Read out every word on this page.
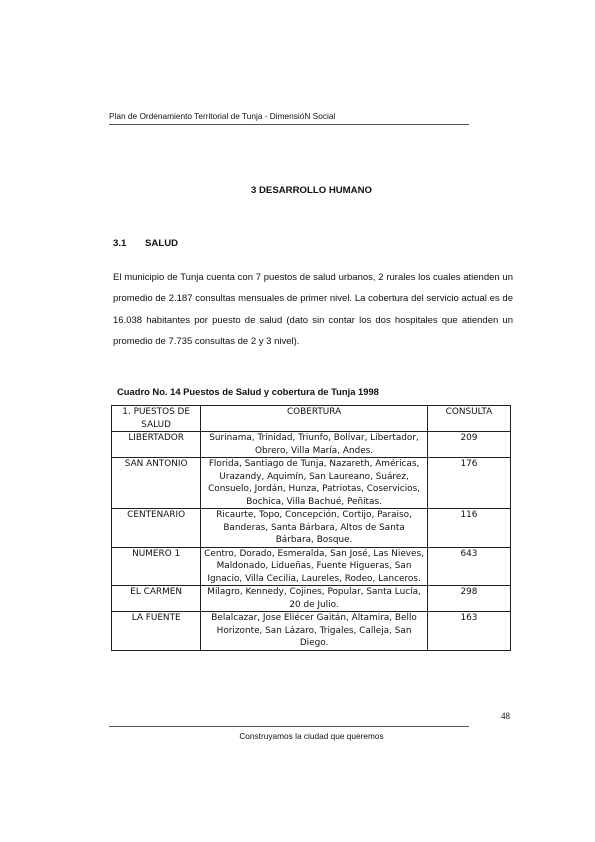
Plan de Ordenamiento Territorial de Tunja - DimensióN Social
3 DESARROLLO HUMANO
3.1 SALUD

El municipio de Tunja cuenta con 7 puestos de salud urbanos, 2 rurales los cuales atienden un promedio de 2.187 consultas mensuales de primer nivel. La cobertura del servicio actual es de 16.038 habitantes por puesto de salud (dato sin contar los dos hospitales que atienden un promedio de 7.735 consultas de 2 y 3 nivel).

Cuadro No. 14 Puestos de Salud y cobertura de Tunja 1998
1. PUESTOS DE SALUD	COBERTURA	CONSULTA
LIBERTADOR	Surinama, Trinidad, Triunfo, Bolívar, Libertador, Obrero, Villa María, Andes.	209
SAN ANTONIO	Florida, Santiago de Tunja, Nazareth, Américas, Urazandy, Aquimín, San Laureano, Suárez, Consuelo, Jordán, Hunza, Patriotas, Coservicios, Bochica, Villa Bachué, Peñitas.	176
CENTENARIO	Ricaurte, Topo, Concepción, Cortijo, Paraiso, Banderas, Santa Bárbara, Altos de Santa Bárbara, Bosque.	116
NUMERO 1	Centro, Dorado, Esmeralda, San José, Las Nieves, Maldonado, Lidueñas, Fuente Higueras, San Ignacio, Villa Cecilia, Laureles, Rodeo, Lanceros.	643
EL CARMEN	Milagro, Kennedy, Cojines, Popular, Santa Lucía, 20 de Julio.	298
LA FUENTE	Belalcazar, Jose Eliécer Gaitán, Altamira, Bello Horizonte, San Lázaro, Trigales, Calleja, San Diego.	163
48
Construyamos la ciudad que queremos
